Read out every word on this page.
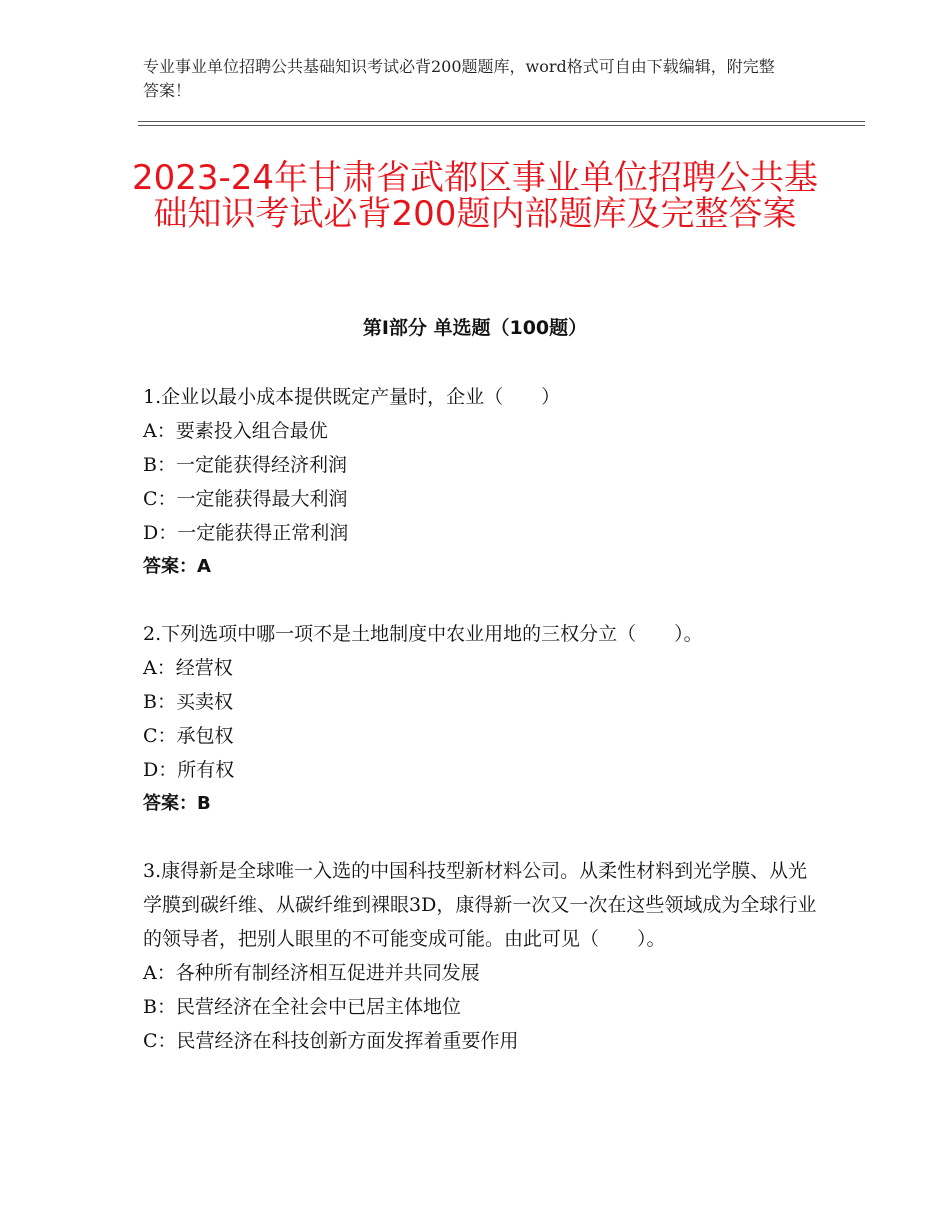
专业事业单位招聘公共基础知识考试必背200题题库，word格式可自由下载编辑，附完整答案！
2023-24年甘肃省武都区事业单位招聘公共基础知识考试必背200题内部题库及完整答案
第Ⅰ部分 单选题（100题）
1.企业以最小成本提供既定产量时，企业（　　）
A：要素投入组合最优
B：一定能获得经济利润
C：一定能获得最大利润
D：一定能获得正常利润
答案：A
2.下列选项中哪一项不是土地制度中农业用地的三权分立（　　）。
A：经营权
B：买卖权
C：承包权
D：所有权
答案：B
3.康得新是全球唯一入选的中国科技型新材料公司。从柔性材料到光学膜、从光学膜到碳纤维、从碳纤维到裸眼3D，康得新一次又一次在这些领域成为全球行业的领导者，把别人眼里的不可能变成可能。由此可见（　　）。
A：各种所有制经济相互促进并共同发展
B：民营经济在全社会中已居主体地位
C：民营经济在科技创新方面发挥着重要作用
